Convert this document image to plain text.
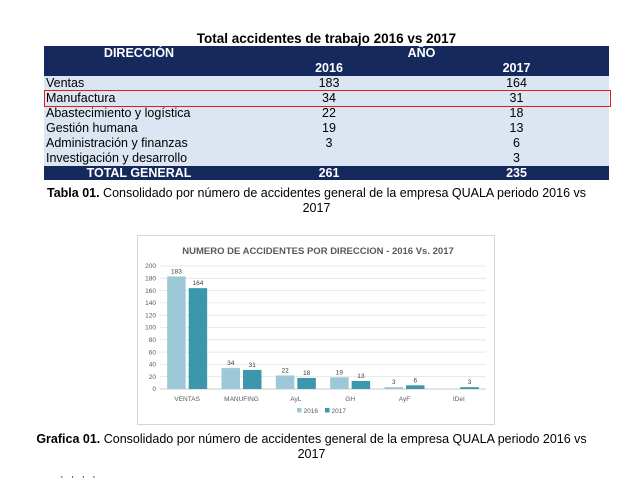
Total accidentes de trabajo 2016 vs 2017
DIRECCIÓN	AÑO	
	2016	2017
Ventas	183	164
Manufactura	34	31
Abastecimiento y logística	22	18
Gestión humana	19	13
Administración y finanzas	3	6
Investigación y desarrollo		3
TOTAL GENERAL	261	235
Tabla 01. Consolidado por número de accidentes general de la empresa QUALA periodo 2016 vs 2017
NUMERO DE ACCIDENTES POR DIRECCION - 2016 Vs. 2017
0
20
40
60
80
100
120
140
160
180
200
183
164
34 31
22 18	19
13
3	6	3
VENTAS	MANUFING	AyL	GH	AyF	IDeI
2016 2017
Grafica 01. Consolidado por número de accidentes general de la empresa QUALA periodo 2016 vs 2017
· · · ·
